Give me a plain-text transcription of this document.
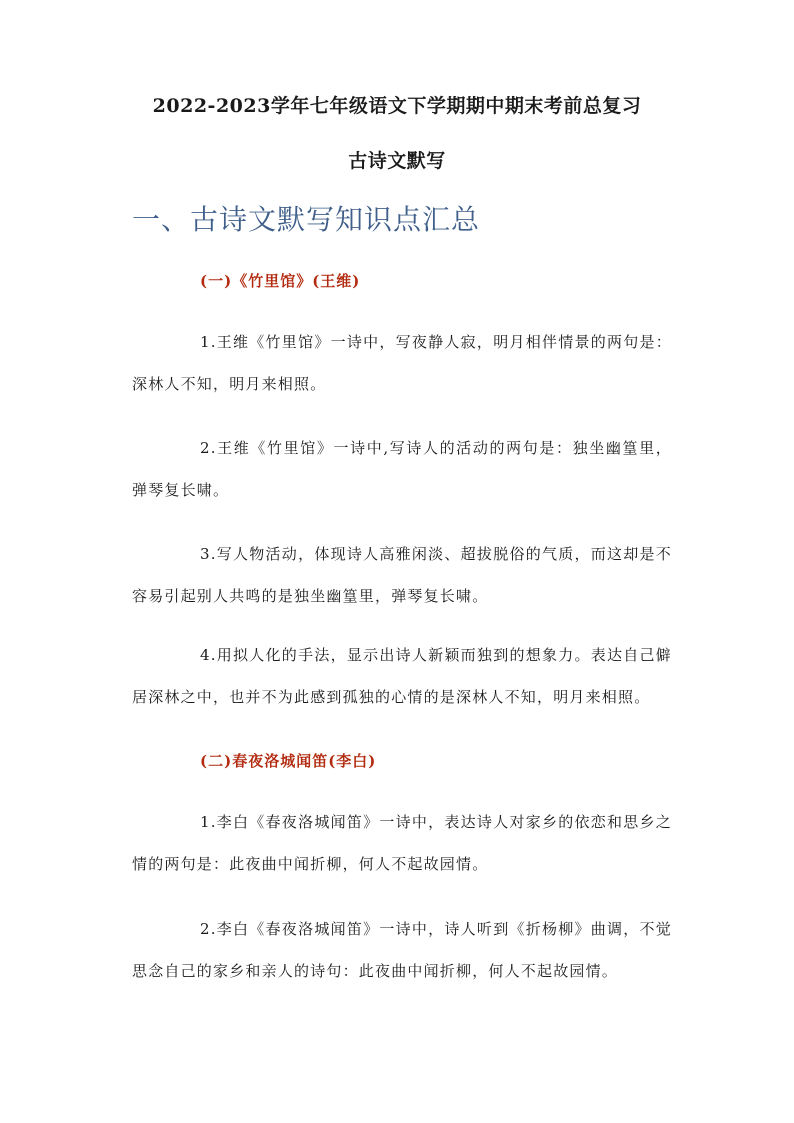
2022-2023学年七年级语文下学期期中期末考前总复习
古诗文默写
一、古诗文默写知识点汇总
(一)《竹里馆》(王维)
1.王维《竹里馆》一诗中，写夜静人寂，明月相伴情景的两句是：深林人不知，明月来相照。
2.王维《竹里馆》一诗中,写诗人的活动的两句是：独坐幽篁里，弹琴复长啸。
3.写人物活动，体现诗人高雅闲淡、超拔脱俗的气质，而这却是不容易引起别人共鸣的是独坐幽篁里，弹琴复长啸。
4.用拟人化的手法，显示出诗人新颖而独到的想象力。表达自己僻居深林之中，也并不为此感到孤独的心情的是深林人不知，明月来相照。
(二)春夜洛城闻笛(李白)
1.李白《春夜洛城闻笛》一诗中，表达诗人对家乡的依恋和思乡之情的两句是：此夜曲中闻折柳，何人不起故园情。
2.李白《春夜洛城闻笛》一诗中，诗人听到《折杨柳》曲调，不觉思念自己的家乡和亲人的诗句：此夜曲中闻折柳，何人不起故园情。
